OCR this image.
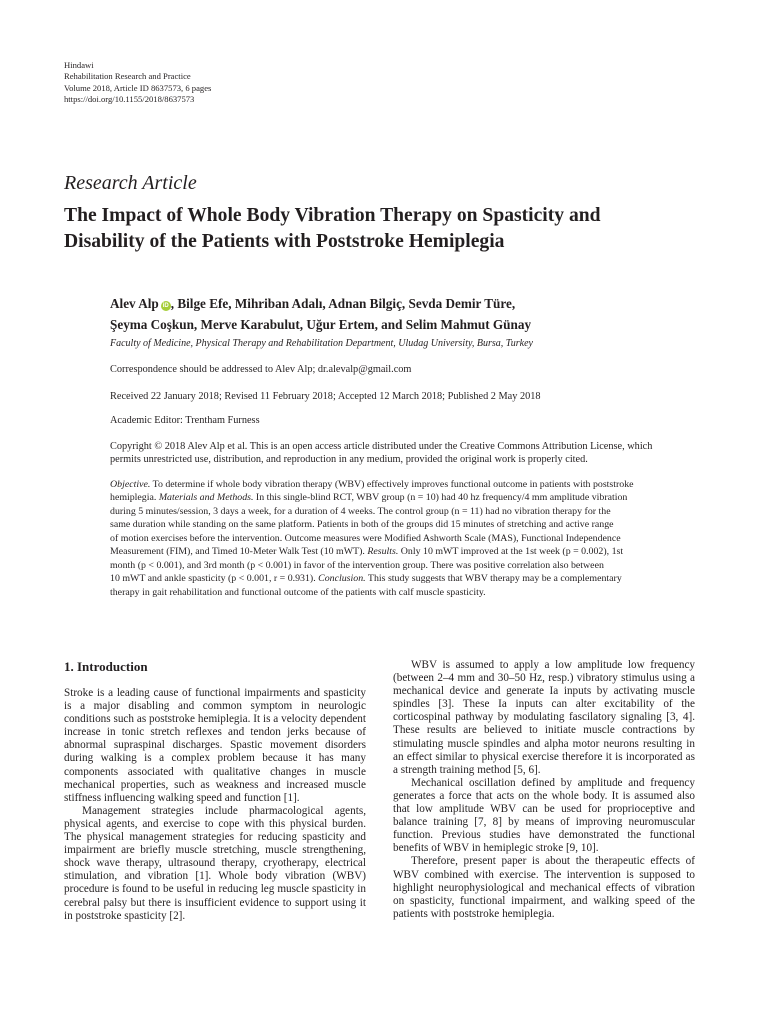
Hindawi
Rehabilitation Research and Practice
Volume 2018, Article ID 8637573, 6 pages
https://doi.org/10.1155/2018/8637573
Research Article
The Impact of Whole Body Vibration Therapy on Spasticity and
Disability of the Patients with Poststroke Hemiplegia
Alev Alp iD , Bilge Efe, Mihriban Adalı, Adnan Bilgiç, Sevda Demir Türe,
Şeyma Coşkun, Merve Karabulut, Uğur Ertem, and Selim Mahmut Günay
Faculty of Medicine, Physical Therapy and Rehabilitation Department, Uludag University, Bursa, Turkey
Correspondence should be addressed to Alev Alp; dr.alevalp@gmail.com
Received 22 January 2018; Revised 11 February 2018; Accepted 12 March 2018; Published 2 May 2018
Academic Editor: Trentham Furness
Copyright © 2018 Alev Alp et al. This is an open access article distributed under the Creative Commons Attribution License, which
permits unrestricted use, distribution, and reproduction in any medium, provided the original work is properly cited.
Objective. To determine if whole body vibration therapy (WBV) effectively improves functional outcome in patients with poststroke
hemiplegia. Materials and Methods. In this single-blind RCT, WBV group (n = 10) had 40 hz frequency/4 mm amplitude vibration
during 5 minutes/session, 3 days a week, for a duration of 4 weeks. The control group (n = 11) had no vibration therapy for the
same duration while standing on the same platform. Patients in both of the groups did 15 minutes of stretching and active range
of motion exercises before the intervention. Outcome measures were Modified Ashworth Scale (MAS), Functional Independence
Measurement (FIM), and Timed 10-Meter Walk Test (10 mWT). Results. Only 10 mWT improved at the 1st week (p = 0.002), 1st
month (p < 0.001), and 3rd month (p < 0.001) in favor of the intervention group. There was positive correlation also between
10 mWT and ankle spasticity (p < 0.001, r = 0.931). Conclusion. This study suggests that WBV therapy may be a complementary
therapy in gait rehabilitation and functional outcome of the patients with calf muscle spasticity.
1. Introduction

Stroke is a leading cause of functional impairments and spasticity is a major disabling and common symptom in neurologic conditions such as poststroke hemiplegia. It is a velocity dependent increase in tonic stretch reflexes and tendon jerks because of abnormal supraspinal discharges. Spastic movement disorders during walking is a complex problem because it has many components associated with qualitative changes in muscle mechanical properties, such as weakness and increased muscle stiffness influencing walking speed and function [1].

Management strategies include pharmacological agents, physical agents, and exercise to cope with this physical burden. The physical management strategies for reducing spasticity and impairment are briefly muscle stretching, muscle strengthening, shock wave therapy, ultrasound therapy, cryotherapy, electrical stimulation, and vibration [1]. Whole body vibration (WBV) procedure is found to be useful in reducing leg muscle spasticity in cerebral palsy but there is insufficient evidence to support using it in poststroke spasticity [2].

WBV is assumed to apply a low amplitude low frequency (between 2–4 mm and 30–50 Hz, resp.) vibratory stimulus using a mechanical device and generate Ia inputs by activating muscle spindles [3]. These Ia inputs can alter excitability of the corticospinal pathway by modulating fascilatory signaling [3, 4]. These results are believed to initiate muscle contractions by stimulating muscle spindles and alpha motor neurons resulting in an effect similar to physical exercise therefore it is incorporated as a strength training method [5, 6].

Mechanical oscillation defined by amplitude and frequency generates a force that acts on the whole body. It is assumed also that low amplitude WBV can be used for proprioceptive and balance training [7, 8] by means of improving neuromuscular function. Previous studies have demonstrated the functional benefits of WBV in hemiplegic stroke [9, 10].

Therefore, present paper is about the therapeutic effects of WBV combined with exercise. The intervention is supposed to highlight neurophysiological and mechanical effects of vibration on spasticity, functional impairment, and walking speed of the patients with poststroke hemiplegia.
